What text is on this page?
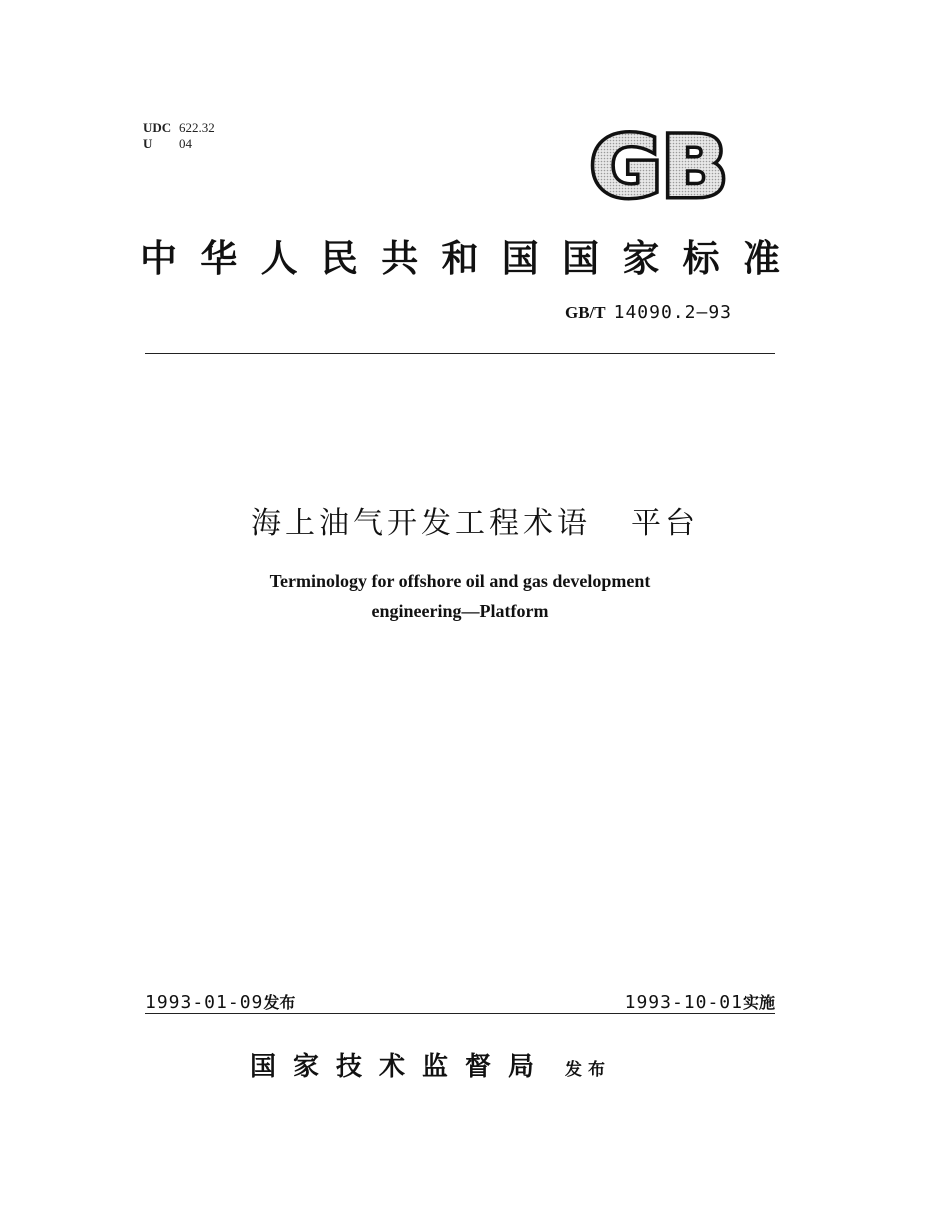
UDC 622.32
U 04	GB
中 华 人 民 共 和 国 国 家 标 准
GB/T 14090.2—93
海上油气开发工程术语 平台
Terminology for offshore oil and gas development
engineering—Platform
1993-01-09发布	1993-10-01实施
国家技术监督局 发布
